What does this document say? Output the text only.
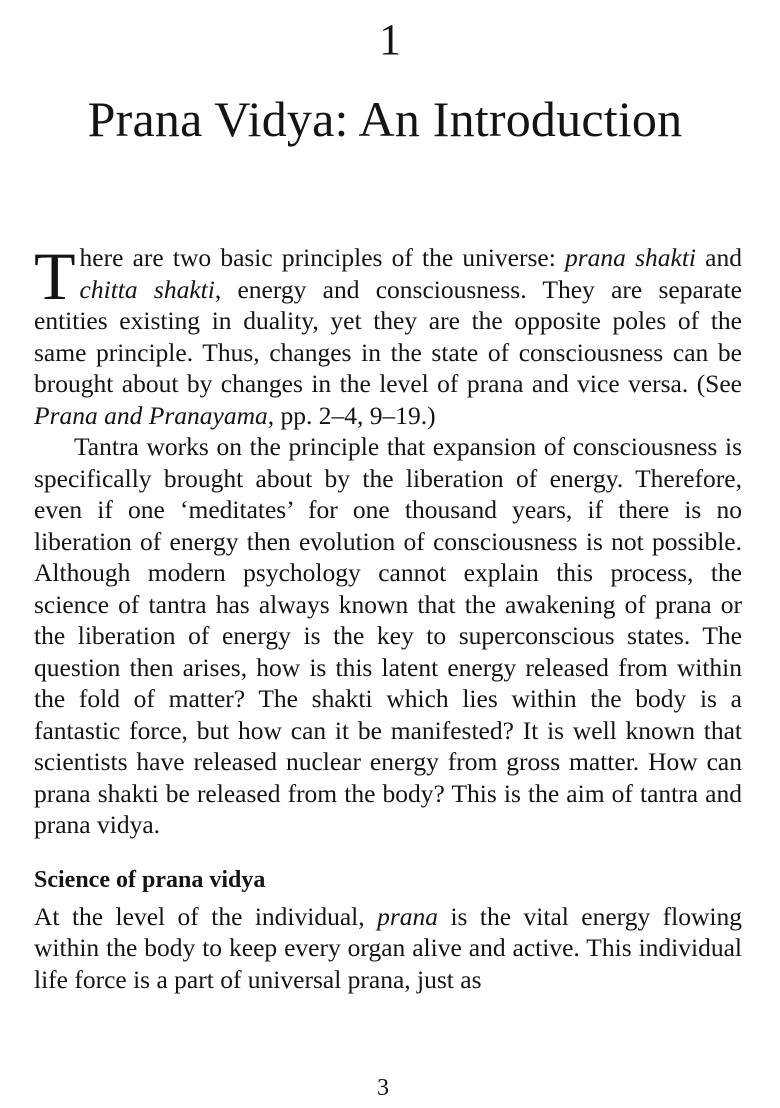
1
Prana Vidya: An Introduction

There are two basic principles of the universe: prana shakti and chitta shakti, energy and consciousness. They are separate entities existing in duality, yet they are the opposite poles of the same principle. Thus, changes in the state of consciousness can be brought about by changes in the level of prana and vice versa. (See Prana and Pranayama, pp. 2–4, 9–19.)

Tantra works on the principle that expansion of consciousness is specifically brought about by the liberation of energy. Therefore, even if one ‘meditates’ for one thousand years, if there is no liberation of energy then evolution of consciousness is not possible. Although modern psychology cannot explain this process, the science of tantra has always known that the awakening of prana or the liberation of energy is the key to superconscious states. The question then arises, how is this latent energy released from within the fold of matter? The shakti which lies within the body is a fantastic force, but how can it be manifested? It is well known that scientists have released nuclear energy from gross matter. How can prana shakti be released from the body? This is the aim of tantra and prana vidya.

Science of prana vidya

At the level of the individual, prana is the vital energy flowing within the body to keep every organ alive and active. This individual life force is a part of universal prana, just as

3
